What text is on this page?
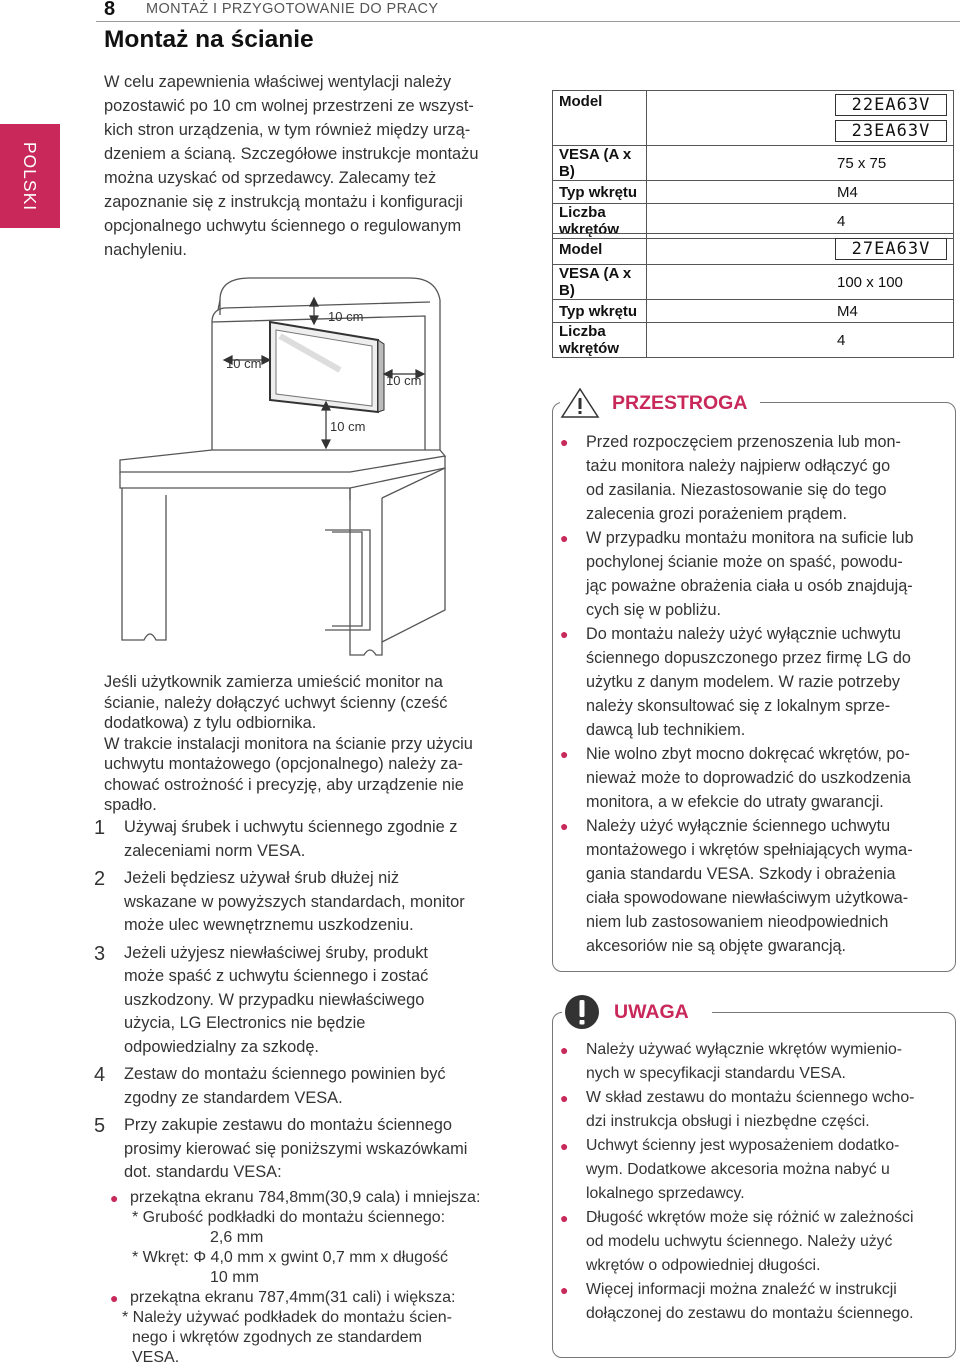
8 MONTAŻ I PRZYGOTOWANIE DO PRACY
Montaż na ścianie
POLSKI

W celu zapewnienia właściwej wentylacji należy

pozostawić po 10 cm wolnej przestrzeni ze wszyst-

kich stron urządzenia, w tym również między urzą-

dzeniem a ścianą. Szczegółowe instrukcje montażu

można uzyskać od sprzedawcy. Zalecamy też

zapoznanie się z instrukcją montażu i konfiguracji

opcjonalnego uchwytu ściennego o regulowanym

nachyleniu.

10 cm
10 cm
10 cm
10 cm
Model	22EA63V
23EA63V
VESA (A x B)	75 x 75
Typ wkrętu	M4
Liczba wkrętów	4
Model	27EA63V
VESA (A x B)	100 x 100
Typ wkrętu	M4
Liczba wkrętów	4

Jeśli użytkownik zamierza umieścić monitor na

ścianie, należy dołączyć uchwyt ścienny (cześć

dodatkowa) z tylu odbiornika.

W trakcie instalacji monitora na ścianie przy użyciu

uchwytu montażowego (opcjonalnego) należy za-

chować ostrożność i precyzję, aby urządzenie nie

spadło.

1	Używaj śrubek i uchwytu ściennego zgodnie z
zaleceniami norm VESA.
2	Jeżeli będziesz używał śrub dłużej niż
wskazane w powyższych standardach, monitor
może ulec wewnętrznemu uszkodzeniu.
3	Jeżeli użyjesz niewłaściwej śruby, produkt
może spaść z uchwytu ściennego i zostać
uszkodzony. W przypadku niewłaściwego
użycia, LG Electronics nie będzie
odpowiedzialny za szkodę.
4	Zestaw do montażu ściennego powinien być
zgodny ze standardem VESA.
5	Przy zakupie zestawu do montażu ściennego
prosimy kierować się poniższymi wskazówkami
dot. standardu VESA:
● przekątna ekranu 784,8mm(30,9 cala) i mniejsza:
* Grubość podkładki do montażu ściennego:
2,6 mm
* Wkręt: Φ 4,0 mm x gwint 0,7 mm x długość
10 mm
● przekątna ekranu 787,4mm(31 cali) i większa:
* Należy używać podkładek do montażu ścien-
nego i wkrętów zgodnych ze standardem
VESA.
PRZESTROGA
●	Przed rozpoczęciem przenoszenia lub mon-
tażu monitora należy najpierw odłączyć go
od zasilania. Niezastosowanie się do tego
zalecenia grozi porażeniem prądem.
●	W przypadku montażu monitora na suficie lub
pochylonej ścianie może on spaść, powodu-
jąc poważne obrażenia ciała u osób znajdują-
cych się w pobliżu.
●	Do montażu należy użyć wyłącznie uchwytu
ściennego dopuszczonego przez firmę LG do
użytku z danym modelem. W razie potrzeby
należy skonsultować się z lokalnym sprze-
dawcą lub technikiem.
●	Nie wolno zbyt mocno dokręcać wkrętów, po-
nieważ może to doprowadzić do uszkodzenia
monitora, a w efekcie do utraty gwarancji.
●	Należy użyć wyłącznie ściennego uchwytu
montażowego i wkrętów spełniających wyma-
gania standardu VESA. Szkody i obrażenia
ciała spowodowane niewłaściwym użytkowa-
niem lub zastosowaniem nieodpowiednich
akcesoriów nie są objęte gwarancją.
UWAGA
●	Należy używać wyłącznie wkrętów wymienio-
nych w specyfikacji standardu VESA.
●	W skład zestawu do montażu ściennego wcho-
dzi instrukcja obsługi i niezbędne części.
●	Uchwyt ścienny jest wyposażeniem dodatko-
wym. Dodatkowe akcesoria można nabyć u
lokalnego sprzedawcy.
●	Długość wkrętów może się różnić w zależności
od modelu uchwytu ściennego. Należy użyć
wkrętów o odpowiedniej długości.
●	Więcej informacji można znaleźć w instrukcji
dołączonej do zestawu do montażu ściennego.
